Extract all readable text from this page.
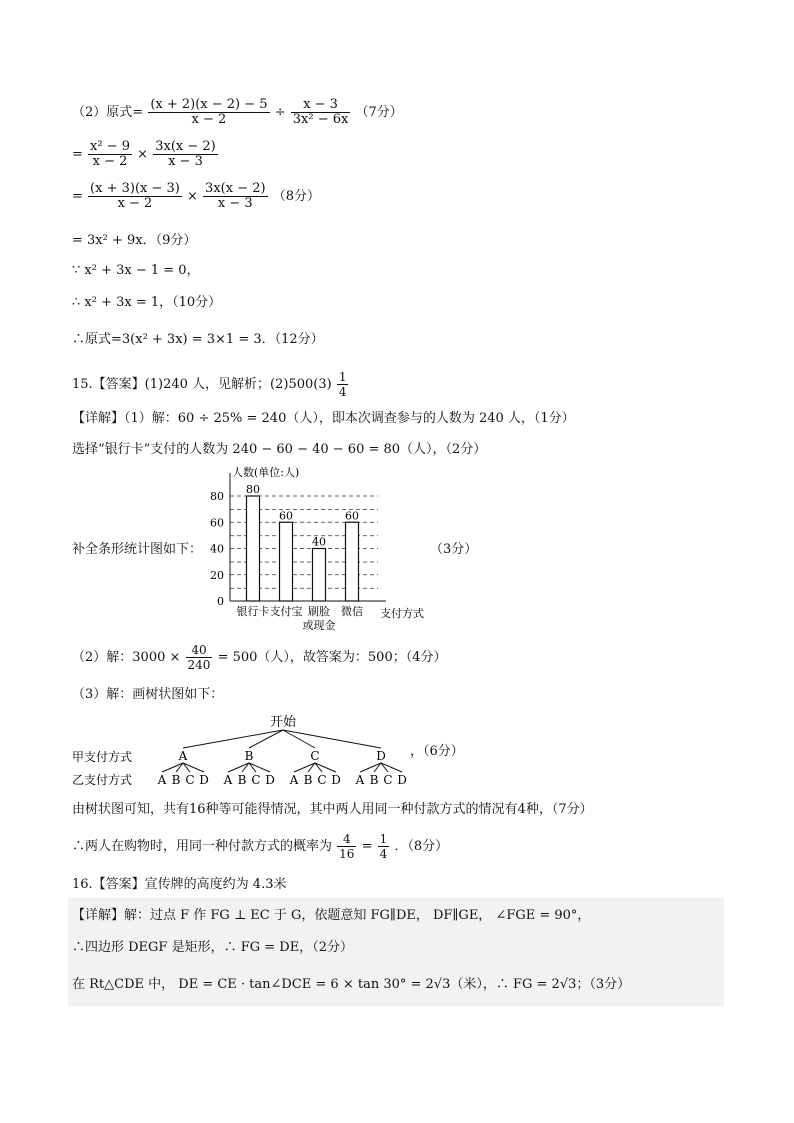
（2）原式= $\frac{(x + 2)(x - 2) - 5}{x - 2} \div \frac{x - 3}{\text{3x² − 6x}} (7$分）
= $\frac{\text{x² − 9}}{x - 2} \times \frac{3x(x - 2)}{x - 3}$
= $\frac{(x + 3)(x - 3)}{x - 2} \times \frac{3x(x - 2)}{x - 3} (8$分）
= 3x² + 9x．（9分）
∵ x² + 3x − 1 = 0，
∴ x² + 3x = 1，（10分）
∴原式=3(x² + 3x) = 3×1 = 3．（12分）
15.【答案】(1)240 人，见解析；$(2)500(3) \frac{1}{4}$
【详解】（1）解：60 ÷ 25% = 240（人），即本次调查参与的人数为 240 人，（1分）
选择“银行卡”支付的人数为 240 − 60 − 40 − 60 = 80（人），（2分）
补全条形统计图如下：	（3分）
0
20
40
60
80
人数(单位:人)
支付方式
80
银行卡
60
支付宝
40
刷脸
或现金
60
微信
（2）解：$3000 \times \frac{40}{240} = 500$（人），故答案为：500；（4分）
（3）解：画树状图如下：
开始
甲支付方式
乙支付方式
A
A B C D
B
A B C D
C
A B C D
D
A B C D
，（6分）
由树状图可知，共有16种等可能得情况，其中两人用同一种付款方式的情况有4种，（7分）
∴两人在购物时，用同一种付款方式的概率为 $\frac{4}{16} = \frac{1}{4}$ ．（8分）
16.【答案】宣传牌的高度约为 4.3米
【详解】解：过点 F 作 FG ⊥ EC 于 G，依题意知 FG∥DE， DF∥GE， ∠FGE = 90°，
∴四边形 DEGF 是矩形，∴ FG = DE，（2分）
在 Rt△CDE 中， DE = CE · tan∠DCE = 6 × tan 30° = 2√3（米），∴ FG = 2√3；（3分）
